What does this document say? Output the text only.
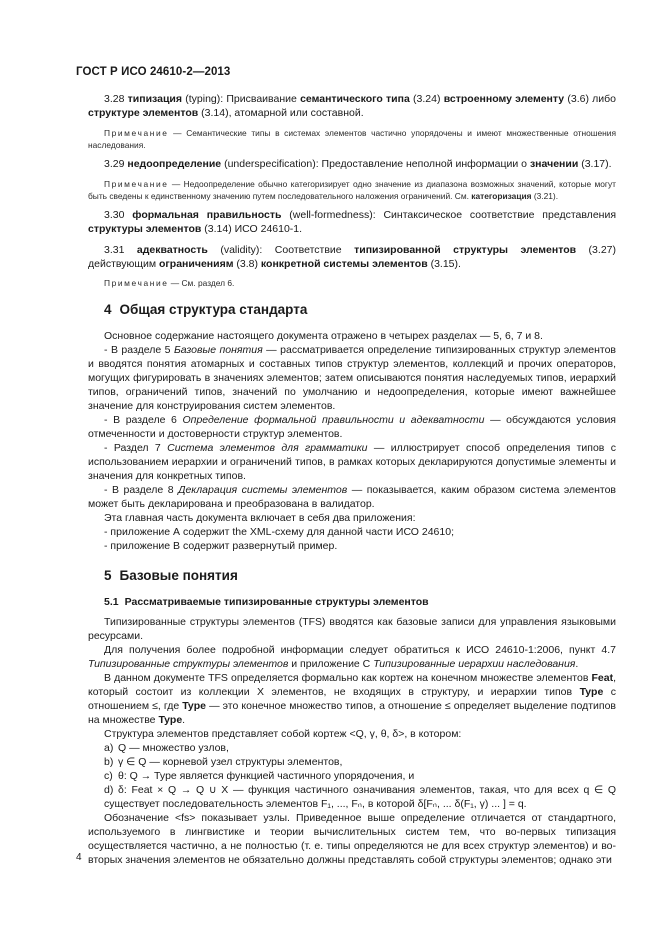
ГОСТ Р ИСО 24610-2—2013

3.28 типизация (typing): Присваивание семантического типа (3.24) встроенному элементу (3.6) либо структуре элементов (3.14), атомарной или составной.

Примечание — Семантические типы в системах элементов частично упорядочены и имеют множественные отношения наследования.

3.29 недоопределение (underspecification): Предоставление неполной информации о значении (3.17).

Примечание — Недоопределение обычно категоризирует одно значение из диапазона возможных значений, которые могут быть сведены к единственному значению путем последовательного наложения ограничений. См. категоризация (3.21).

3.30 формальная правильность (well-formedness): Синтаксическое соответствие представления структуры элементов (3.14) ИСО 24610-1.

3.31 адекватность (validity): Соответствие типизированной структуры элементов (3.27) действующим ограничениям (3.8) конкретной системы элементов (3.15).

Примечание — См. раздел 6.

4 Общая структура стандарта

Основное содержание настоящего документа отражено в четырех разделах — 5, 6, 7 и 8.

- В разделе 5 Базовые понятия — рассматривается определение типизированных структур элементов и вводятся понятия атомарных и составных типов структур элементов, коллекций и прочих операторов, могущих фигурировать в значениях элементов; затем описываются понятия наследуемых типов, иерархий типов, ограничений типов, значений по умолчанию и недоопределения, которые имеют важнейшее значение для конструирования систем элементов.

- В разделе 6 Определение формальной правильности и адекватности — обсуждаются условия отмеченности и достоверности структур элементов.

- Раздел 7 Система элементов для грамматики — иллюстрирует способ определения типов с использованием иерархии и ограничений типов, в рамках которых декларируются допустимые элементы и значения для конкретных типов.

- В разделе 8 Декларация системы элементов — показывается, каким образом система элементов может быть декларирована и преобразована в валидатор.

Эта главная часть документа включает в себя два приложения:

- приложение А содержит the XML-схему для данной части ИСО 24610;

- приложение В содержит развернутый пример.

5 Базовые понятия
5.1 Рассматриваемые типизированные структуры элементов

Типизированные структуры элементов (TFS) вводятся как базовые записи для управления языковыми ресурсами.

Для получения более подробной информации следует обратиться к ИСО 24610-1:2006, пункт 4.7 Типизированные структуры элементов и приложение С Типизированные иерархии наследования.

В данном документе TFS определяется формально как кортеж на конечном множестве элементов Feat, который состоит из коллекции X элементов, не входящих в структуру, и иерархии типов Type с отношением ≤, где Type — это конечное множество типов, а отношение ≤ определяет выделение подтипов на множестве Type.

Структура элементов представляет собой кортеж <Q, γ, θ, δ>, в котором:

a) Q — множество узлов,

b) γ ∈ Q — корневой узел структуры элементов,

c) θ: Q → Type является функцией частичного упорядочения, и

d) δ: Feat × Q → Q ∪ X — функция частичного означивания элементов, такая, что для всех q ∈ Q существует последовательность элементов F₁, ..., Fₙ, в которой δ[Fₙ, ... δ(F₁, γ) ... ] = q.

Обозначение <fs> показывает узлы. Приведенное выше определение отличается от стандартного, используемого в лингвистике и теории вычислительных систем тем, что во-первых типизация осуществляется частично, а не полностью (т. е. типы определяются не для всех структур элементов) и во-вторых значения элементов не обязательно должны представлять собой структуры элементов; однако эти

4
